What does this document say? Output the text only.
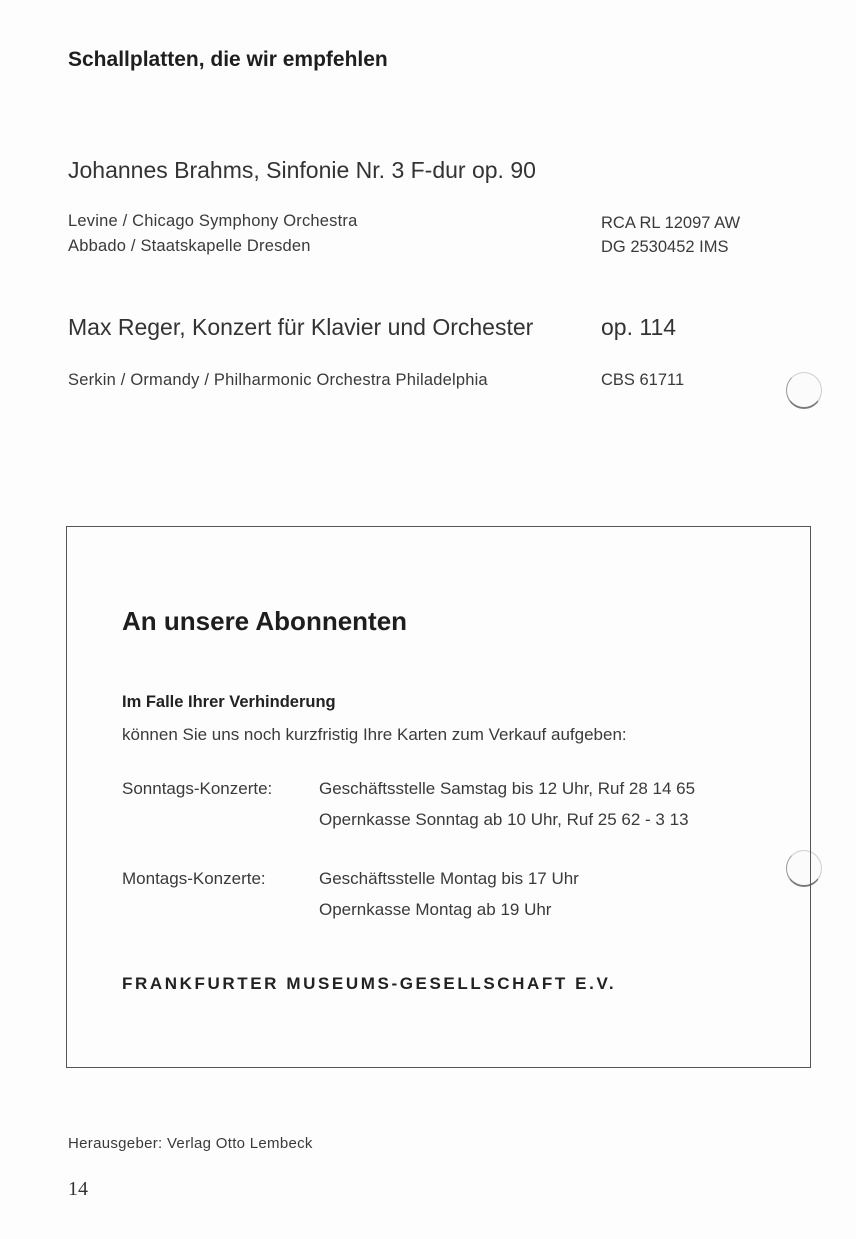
Schallplatten, die wir empfehlen
Johannes Brahms, Sinfonie Nr. 3 F-dur op. 90
Levine / Chicago Symphony Orchestra	RCA RL 12097 AW
Abbado / Staatskapelle Dresden	DG 2530452 IMS
Max Reger, Konzert für Klavier und Orchester	op. 114
Serkin / Ormandy / Philharmonic Orchestra Philadelphia	CBS 61711
An unsere Abonnenten
Im Falle Ihrer Verhinderung
können Sie uns noch kurzfristig Ihre Karten zum Verkauf aufgeben:
Sonntags-Konzerte:	Geschäftsstelle Samstag bis 12 Uhr, Ruf 28 14 65
Opernkasse Sonntag ab 10 Uhr, Ruf 25 62 - 3 13
Montags-Konzerte:	Geschäftsstelle Montag bis 17 Uhr
Opernkasse Montag ab 19 Uhr
FRANKFURTER MUSEUMS-GESELLSCHAFT E.V.
Herausgeber: Verlag Otto Lembeck
14
